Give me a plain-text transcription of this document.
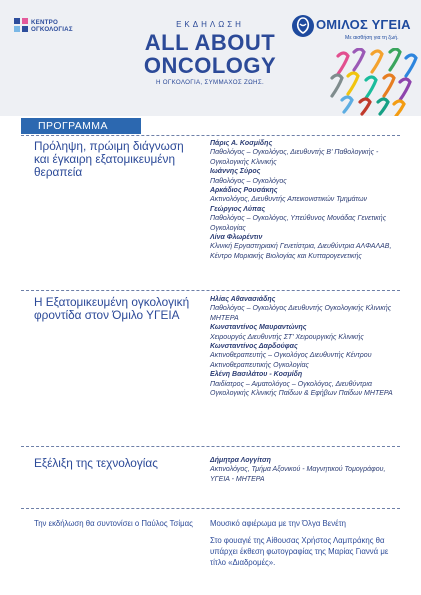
ΚΕΝΤΡΟ
ΟΓΚΟΛΟΓΙΑΣ
ΕΚΔΗΛΩΣΗ
ALL ABOUT
ONCOLOGY
Η ΟΓΚΟΛΟΓΙΑ, ΣΥΜΜΑΧΟΣ ΖΩΗΣ.
ΟΜΙΛΟΣ ΥΓΕΙΑ
Με αισθήση για τη ζωή.
ΠΡΟΓΡΑΜΜΑ
Πρόληψη, πρώιμη διάγνωση και έγκαιρη εξατομικευμένη θεραπεία
Πάρις Α. Κοσμίδης
Παθολόγος – Ογκολόγος, Διευθυντής Β' Παθολογικής - Ογκολογικής Κλινικής
Ιωάννης Σύρος
Παθολόγος – Ογκολόγος
Αρκάδιος Ρουσάκης
Ακτινολόγος, Διευθυντής Απεικονιστικών Τμημάτων
Γεώργιος Λύπας
Παθολόγος – Ογκολόγος, Υπεύθυνος Μονάδας Γενετικής Ογκολογίας
Λίνα Φλωρέντιν
Κλινική Εργαστηριακή Γενετίστρια, Διευθύντρια ΑΛΦΑΛΑΒ, Κέντρο Μοριακής Βιολογίας και Κυτταρογενετικής
Η Εξατομικευμένη ογκολογική φροντίδα στον Όμιλο ΥΓΕΙΑ
Ηλίας Αθανασιάδης
Παθολόγος – Ογκολόγος Διευθυντής Ογκολογικής Κλινικής ΜΗΤΕΡΑ
Κωνσταντίνος Μαυραντώνης
Χειρουργός Διευθυντής ΣΤ' Χειρουργικής Κλινικής
Κωνσταντίνος Δαρδούφας
Ακτινοθεραπευτής – Ογκολόγος Διευθυντής Κέντρου Ακτινοθεραπευτικής Ογκολογίας
Ελένη Βασιλάτου - Κοσμίδη
Παιδίατρος – Αιματολόγος – Ογκολόγος, Διευθύντρια Ογκολογικής Κλινικής Παίδων & Εφήβων Παίδων ΜΗΤΕΡΑ
Εξέλιξη της τεχνολογίας	Δήμητρα Λογγίτση
Ακτινολόγος, Τμήμα Αξονικού - Μαγνητικού Τομογράφου, ΥΓΕΙΑ - ΜΗΤΕΡΑ
Την εκδήλωση θα συντονίσει ο Παύλος Τσίμας Μουσικό αφιέρωμα με την Όλγα Βενέτη
Στο φουαγιέ της Αίθουσας Χρήστος Λαμπράκης θα υπάρχει έκθεση φωτογραφίας της Μαρίας Γιαννά με τίτλο «Διαδρομές».
